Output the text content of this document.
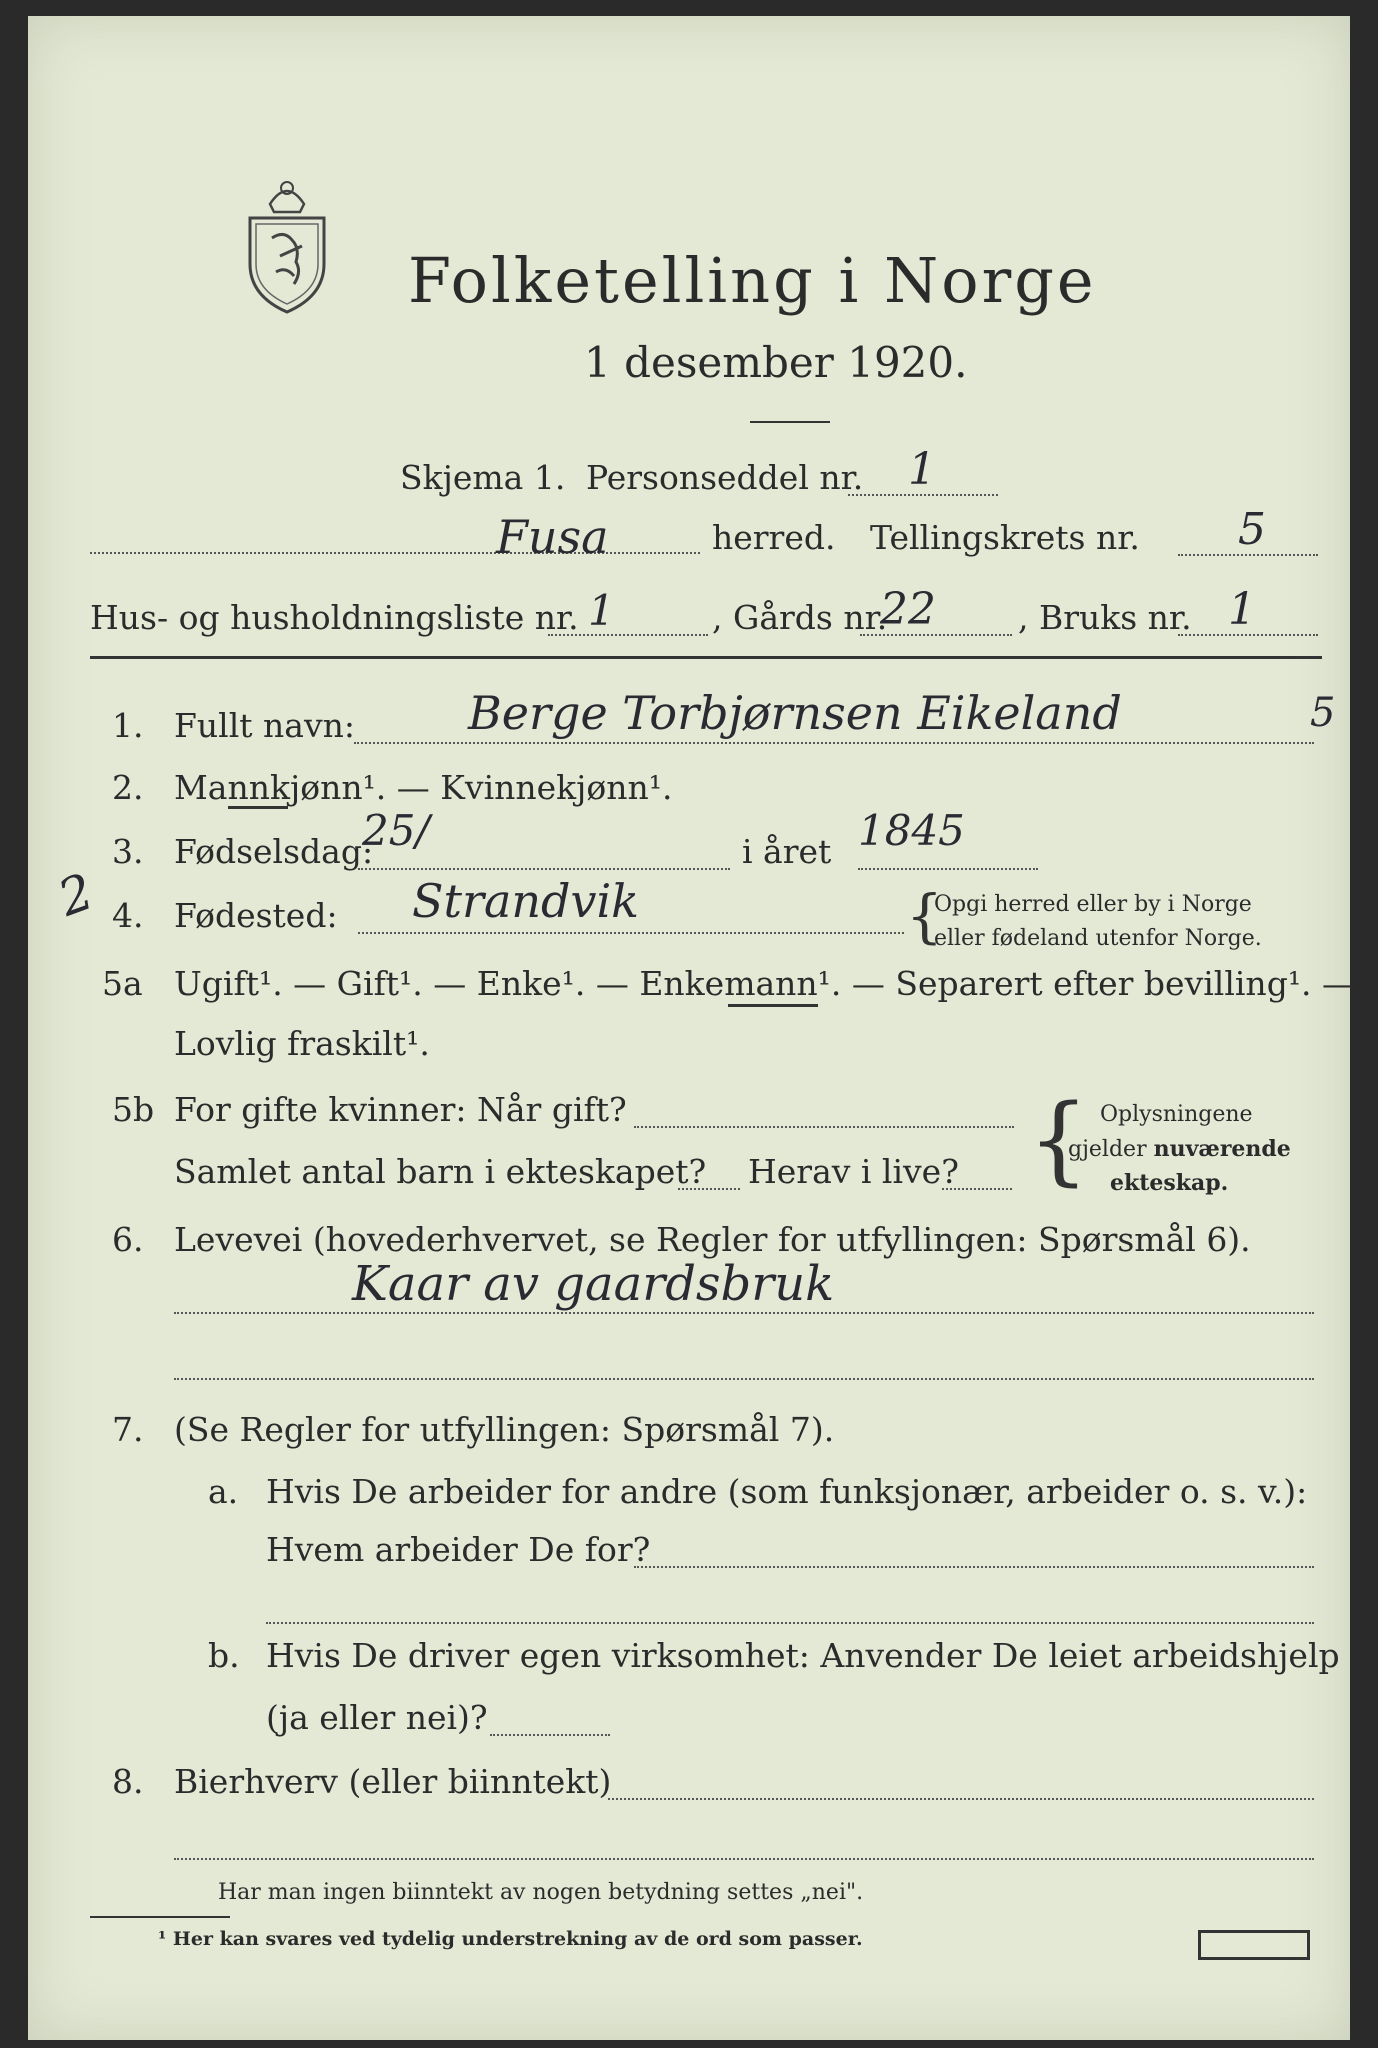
Folketelling i Norge
1 desember 1920.
Skjema 1. Personseddel nr. 1
Fusa	herred. Tellingskrets nr. 5
Hus- og husholdningsliste nr. 1	, Gårds nr.
22 , Bruks nr. 1
1. Fullt navn: Berge Torbjørnsen Eikeland	5
2. Mannkjønn¹. — Kvinnekjønn¹.
3. Fødselsdag:
25/	i året 1845
2 4. Fødested: Strandvik	{
Opgi herred eller by i Norge
eller fødeland utenfor Norge.
5a Ugift¹. — Gift¹. — Enke¹. — Enkemann¹. — Separert efter bevilling¹. —
Lovlig fraskilt¹.
5b For gifte kvinner: Når gift?
Samlet antal barn i ekteskapet? Herav i live? { Oplysningene
gjelder nuværende
ekteskap.
6. Levevei (hovederhvervet, se Regler for utfyllingen: Spørsmål 6).
Kaar av gaardsbruk
7. (Se Regler for utfyllingen: Spørsmål 7).
a. Hvis De arbeider for andre (som funksjonær, arbeider o. s. v.):
Hvem arbeider De for?
b. Hvis De driver egen virksomhet: Anvender De leiet arbeidshjelp
(ja eller nei)?
8. Bierhverv (eller biinntekt)
Har man ingen biinntekt av nogen betydning settes „nei".
¹ Her kan svares ved tydelig understrekning av de ord som passer.
